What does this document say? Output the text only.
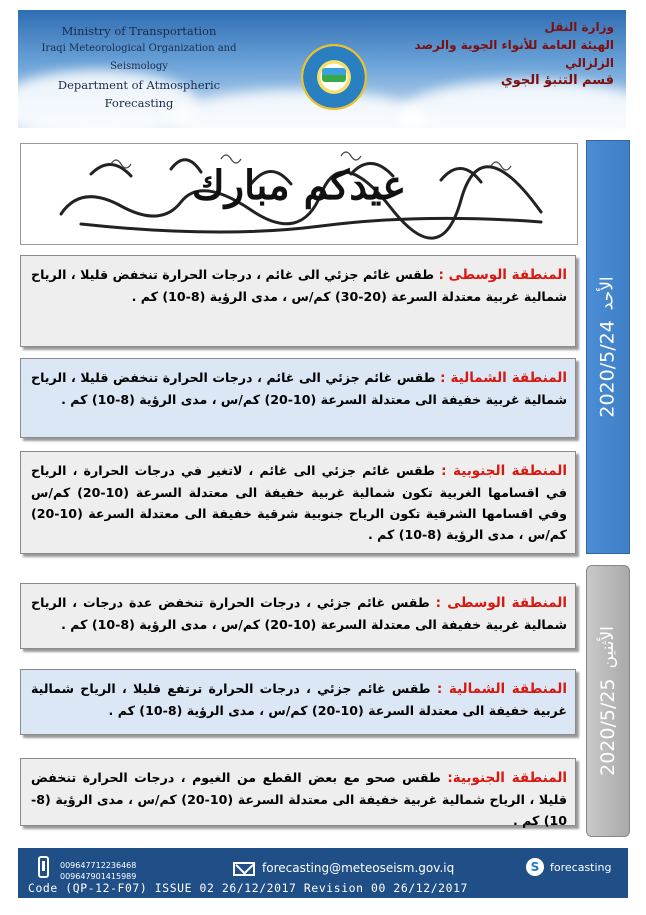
Ministry of Transportation
Iraqi Meteorological Organization and Seismology
Department of Atmospheric Forecasting
وزارة النقل
الهيئة العامة للأنواء الجوية والرصد الزلزالي
قسم التنبؤ الجوي
عيدكم مبارك
2020/5/24
الأحد
المنطقة الوسطى : طقس غائم جزئي الى غائم ، درجات الحرارة تنخفض قليلا ، الرياح شمالية غربية معتدلة السرعة (20-30) كم/س ، مدى الرؤية (8-10) كم .
المنطقة الشمالية : طقس غائم جزئي الى غائم ، درجات الحرارة تنخفض قليلا ، الرياح شمالية غربية خفيفة الى معتدلة السرعة (10-20) كم/س ، مدى الرؤية (8-10) كم .
المنطقة الجنوبية : طقس غائم جزئي الى غائم ، لاتغير في درجات الحرارة ، الرياح في اقسامها الغربية تكون شمالية غربية خفيفة الى معتدلة السرعة (10-20) كم/س وفي اقسامها الشرقية تكون الرياح جنوبية شرقية خفيفة الى معتدلة السرعة (10-20) كم/س ، مدى الرؤية (8-10) كم .
2020/5/25
الأثنين
المنطقة الوسطى : طقس غائم جزئي ، درجات الحرارة تنخفض عدة درجات ، الرياح شمالية غربية خفيفة الى معتدلة السرعة (10-20) كم/س ، مدى الرؤية (8-10) كم .
المنطقة الشمالية : طقس غائم جزئي ، درجات الحرارة ترتفع قليلا ، الرياح شمالية غربية خفيفة الى معتدلة السرعة (10-20) كم/س ، مدى الرؤية (8-10) كم .
المنطقة الجنوبية: طقس صحو مع بعض القطع من الغيوم ، درجات الحرارة تنخفض قليلا ، الرياح شمالية غربية خفيفة الى معتدلة السرعة (10-20) كم/س ، مدى الرؤية (8-10) كم .
009647712236468
009647901415989
forecasting@meteoseism.gov.iq	S forecasting
Code (QP-12-F07) ISSUE 02 26/12/2017 Revision 00 26/12/2017
